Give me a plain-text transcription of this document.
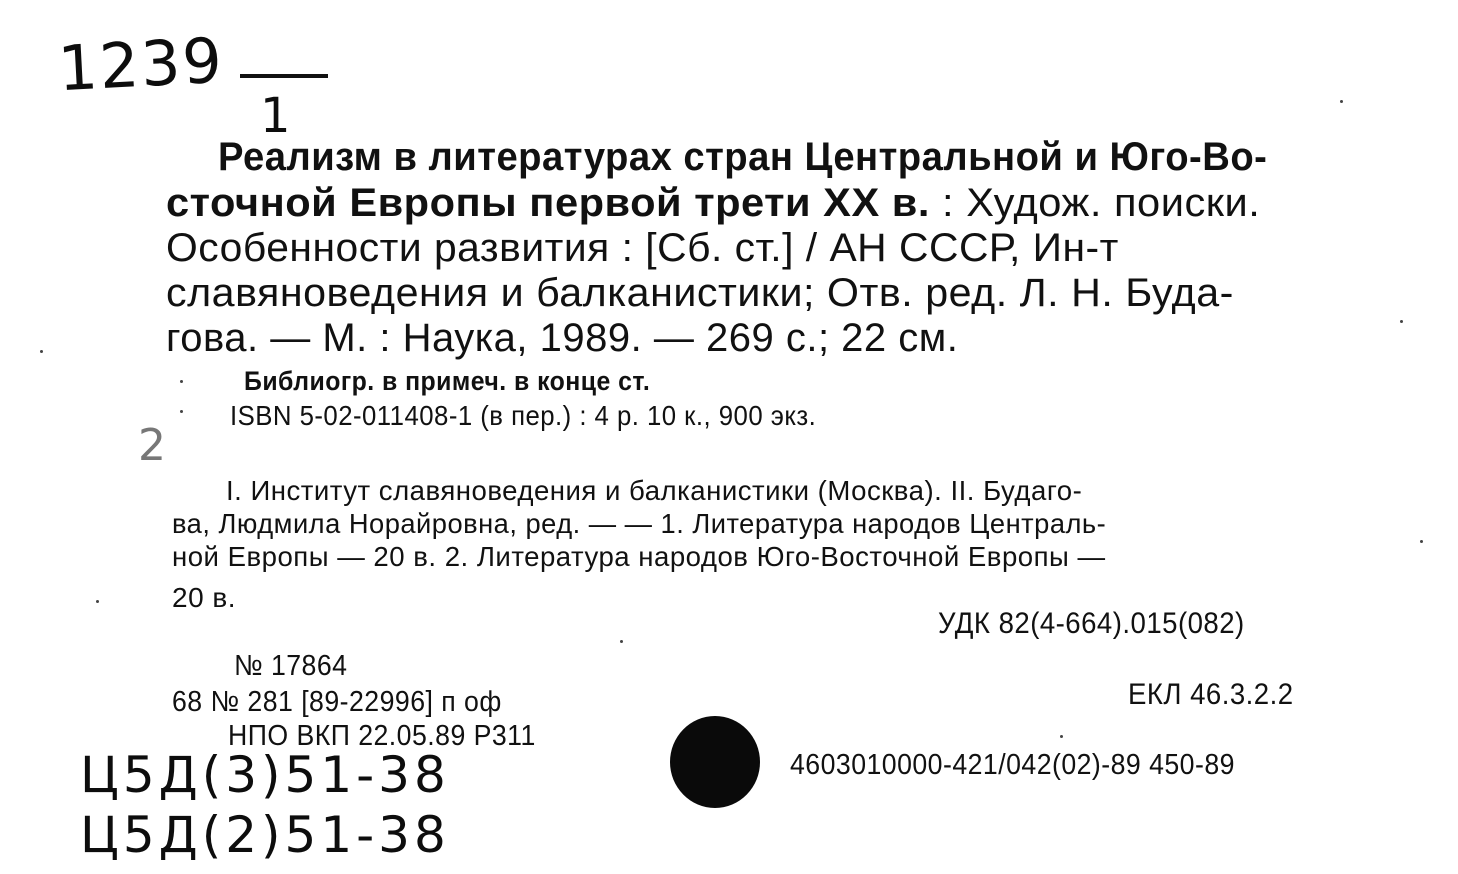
1239
1
Реализм в литературах стран Центральной и Юго-Во-
сточной Европы первой трети XX в. : Худож. поиски.
Особенности развития : [Сб. ст.] / АН СССР, Ин-т
славяноведения и балканистики; Отв. ред. Л. Н. Буда-
гова. — М. : Наука, 1989. — 269 с.; 22 см.
Библиогр. в примеч. в конце ст.
ISBN 5-02-011408-1 (в пер.) : 4 р. 10 к., 900 экз.
2
I. Институт славяноведения и балканистики (Москва). II. Будаго-
ва, Людмила Норайровна, ред. — — 1. Литература народов Централь-
ной Европы — 20 в. 2. Литература народов Юго-Восточной Европы —
20 в.
УДК 82(4-664).015(082)
ЕКЛ 46.3.2.2
№ 17864
68 № 281 [89-22996] п оф
НПО ВКП 22.05.89 Р311
4603010000-421/042(02)-89 450-89
Ц5Д(3)51-38
Ц5Д(2)51-38
